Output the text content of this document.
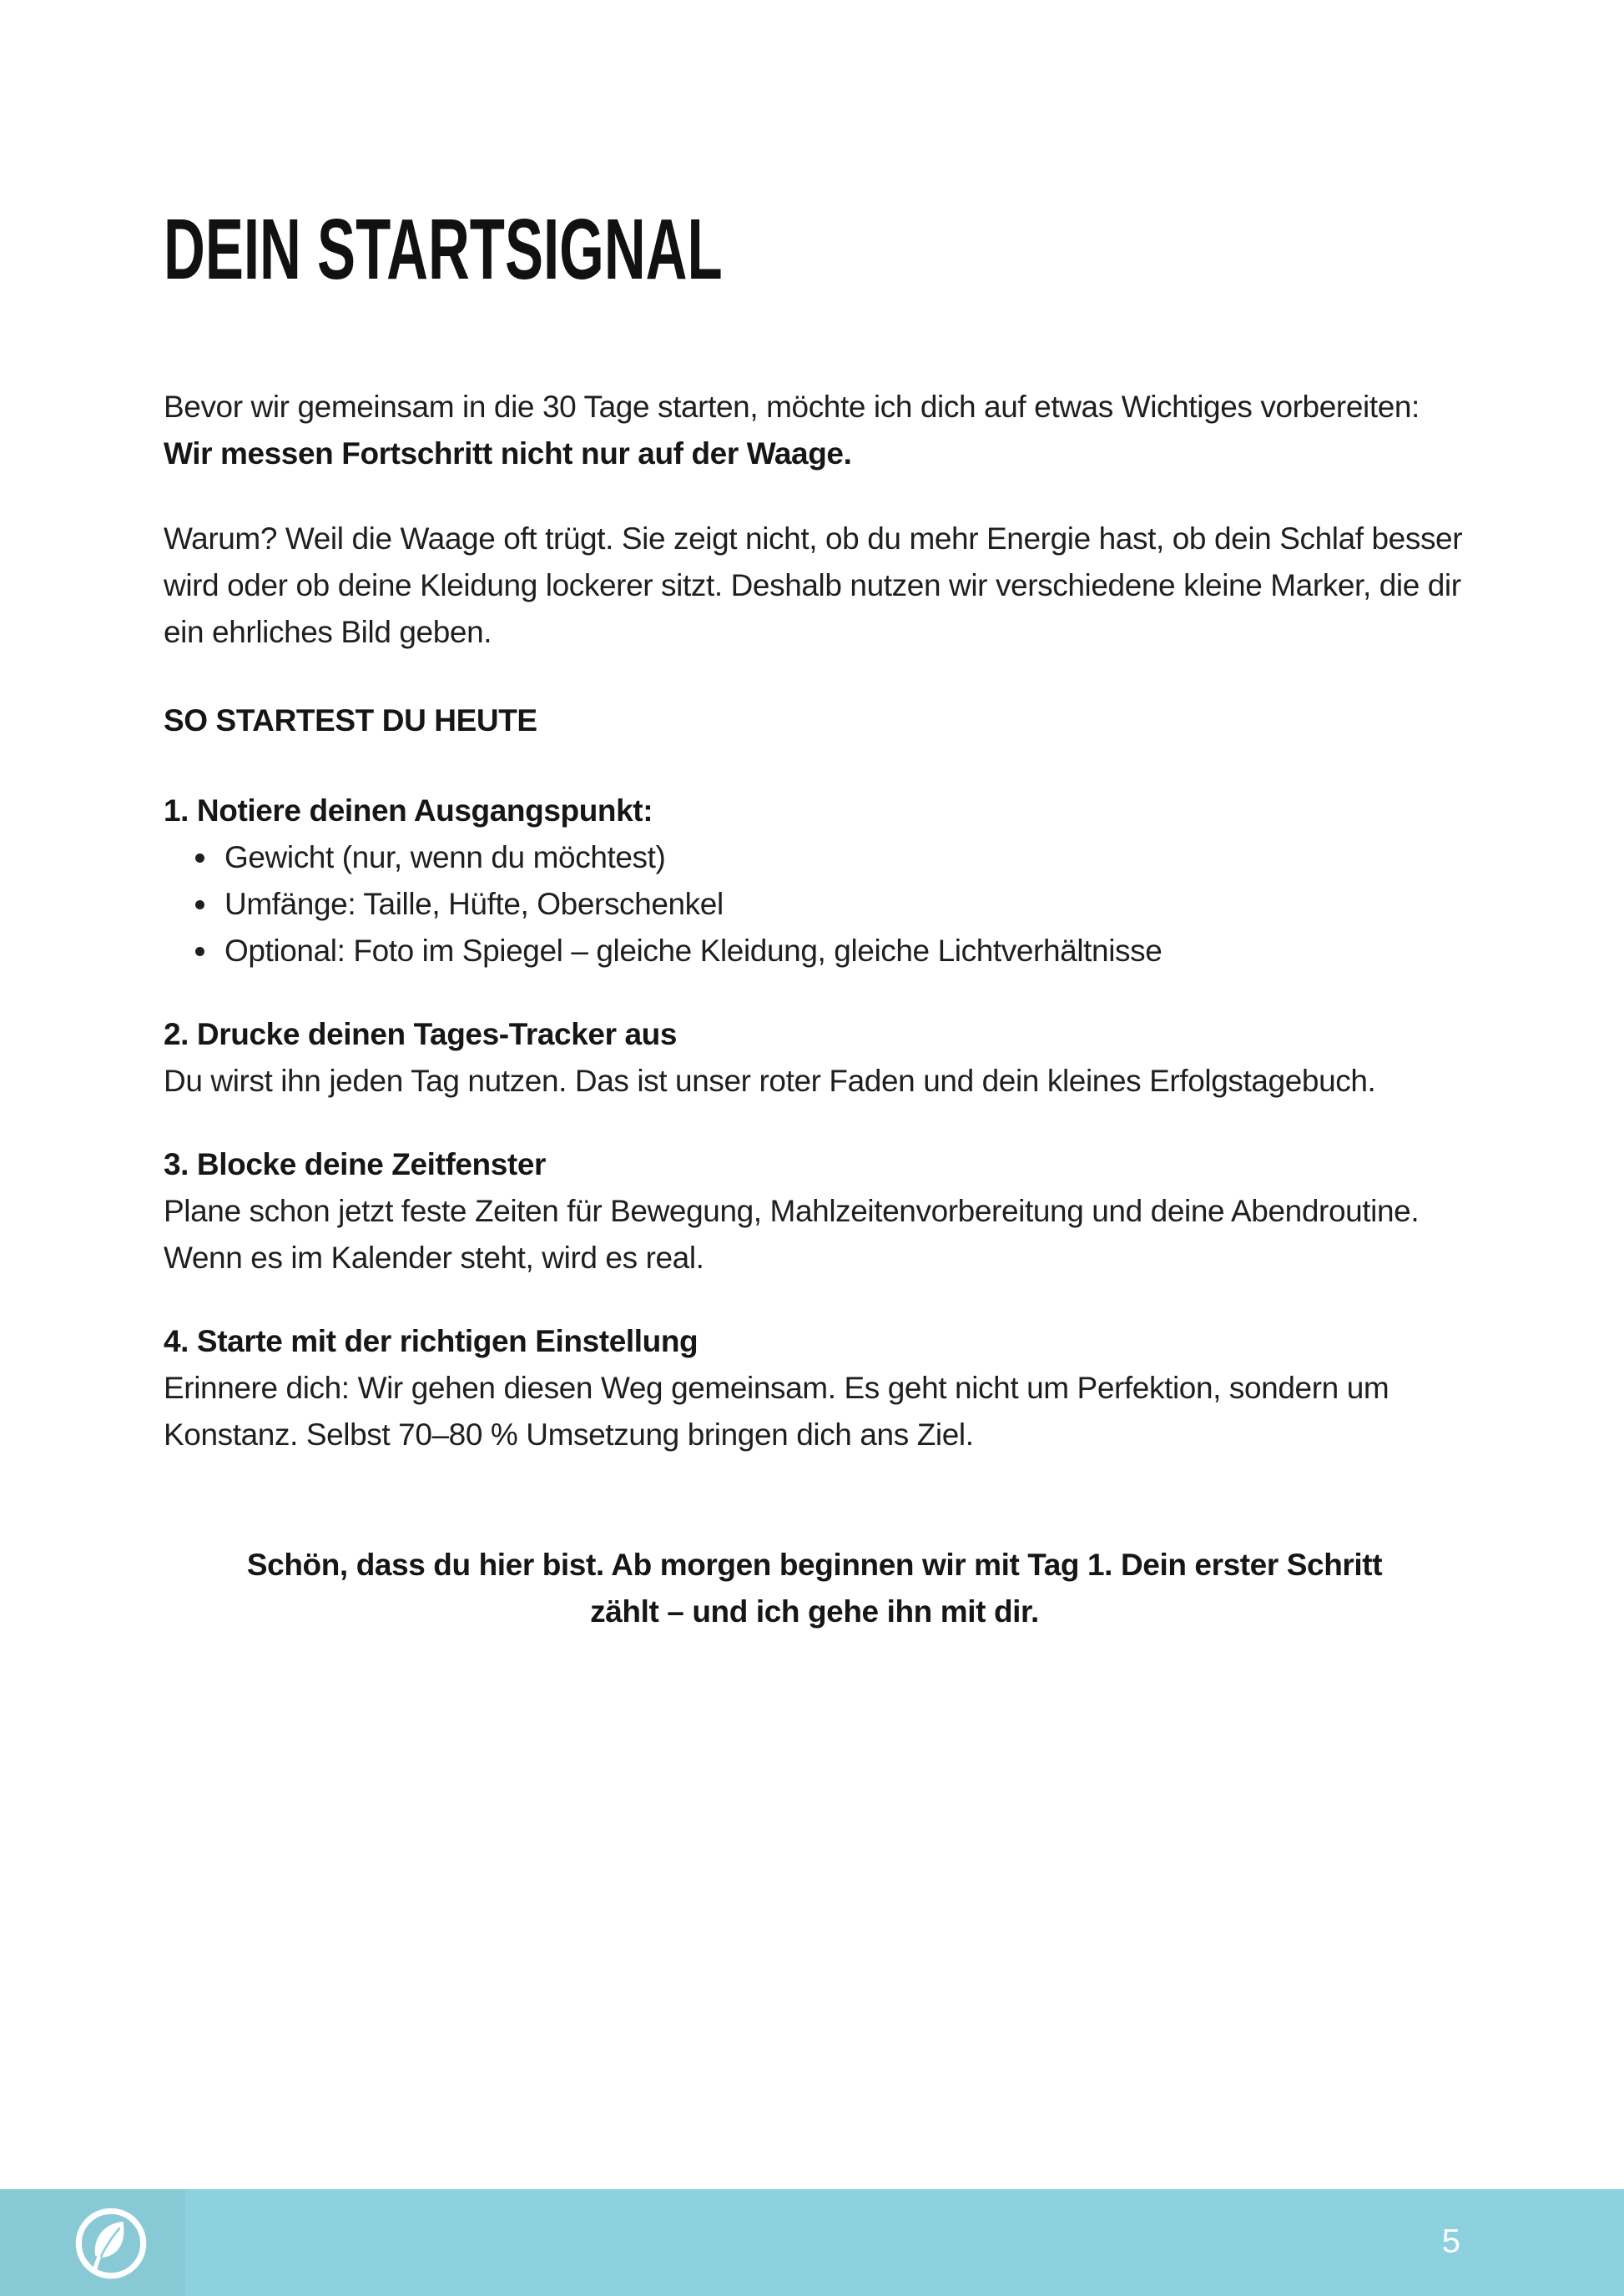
DEIN STARTSIGNAL

Bevor wir gemeinsam in die 30 Tage starten, möchte ich dich auf etwas Wichtiges vorbereiten: Wir messen Fortschritt nicht nur auf der Waage.

Warum? Weil die Waage oft trügt. Sie zeigt nicht, ob du mehr Energie hast, ob dein Schlaf besser wird oder ob deine Kleidung lockerer sitzt. Deshalb nutzen wir verschiedene kleine Marker, die dir ein ehrliches Bild geben.

SO STARTEST DU HEUTE
1. Notiere deinen Ausgangspunkt:
Gewicht (nur, wenn du möchtest)
Umfänge: Taille, Hüfte, Oberschenkel
Optional: Foto im Spiegel – gleiche Kleidung, gleiche Lichtverhältnisse
2. Drucke deinen Tages-Tracker aus

Du wirst ihn jeden Tag nutzen. Das ist unser roter Faden und dein kleines Erfolgstagebuch.

3. Blocke deine Zeitfenster

Plane schon jetzt feste Zeiten für Bewegung, Mahlzeitenvorbereitung und deine Abendroutine. Wenn es im Kalender steht, wird es real.

4. Starte mit der richtigen Einstellung

Erinnere dich: Wir gehen diesen Weg gemeinsam. Es geht nicht um Perfektion, sondern um Konstanz. Selbst 70–80 % Umsetzung bringen dich ans Ziel.

Schön, dass du hier bist. Ab morgen beginnen wir mit Tag 1. Dein erster Schritt zählt – und ich gehe ihn mit dir.

5
